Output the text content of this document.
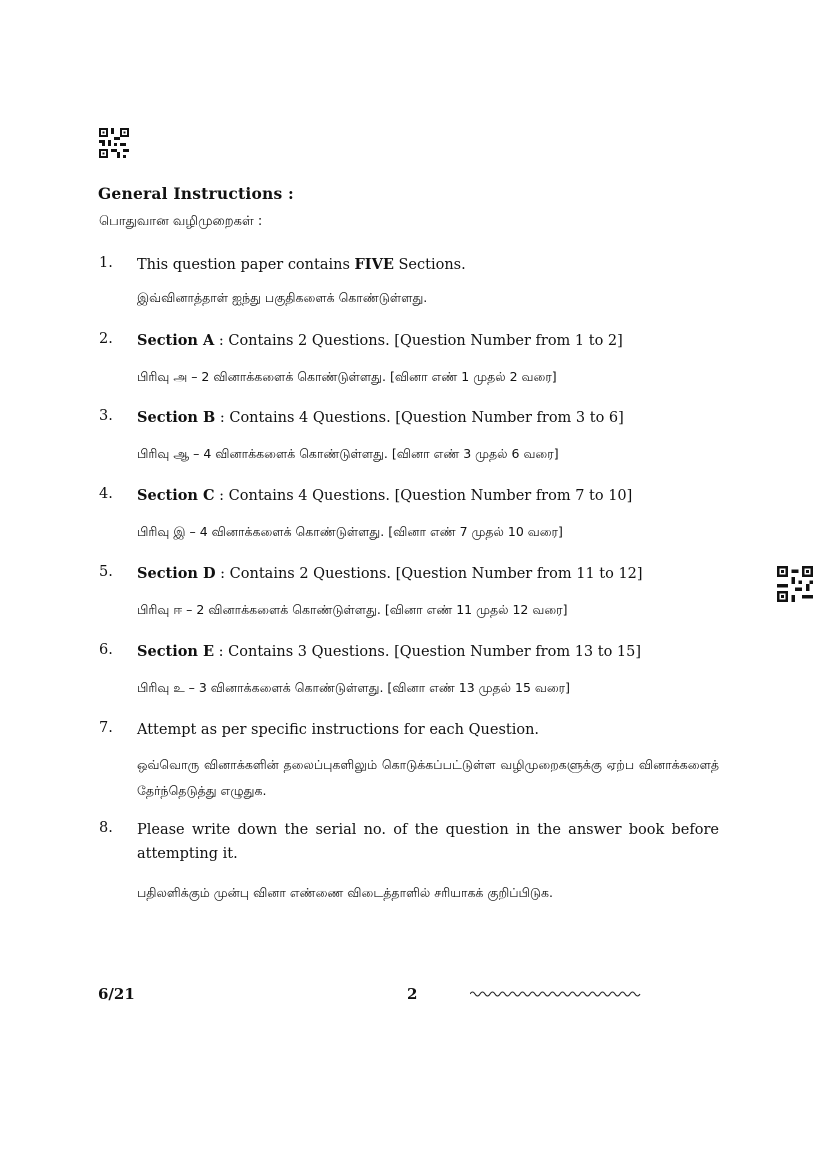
General Instructions :
பொதுவான வழிமுறைகள் :
1. This question paper contains FIVE Sections.
இவ்வினாத்தாள் ஐந்து பகுதிகளைக் கொண்டுள்ளது.
2. Section A : Contains 2 Questions. [Question Number from 1 to 2]
பிரிவு அ – 2 வினாக்களைக் கொண்டுள்ளது. [வினா எண் 1 முதல் 2 வரை]
3. Section B : Contains 4 Questions. [Question Number from 3 to 6]
பிரிவு ஆ – 4 வினாக்களைக் கொண்டுள்ளது. [வினா எண் 3 முதல் 6 வரை]
4. Section C : Contains 4 Questions. [Question Number from 7 to 10]
பிரிவு இ – 4 வினாக்களைக் கொண்டுள்ளது. [வினா எண் 7 முதல் 10 வரை]
5. Section D : Contains 2 Questions. [Question Number from 11 to 12]
பிரிவு ஈ – 2 வினாக்களைக் கொண்டுள்ளது. [வினா எண் 11 முதல் 12 வரை]
6. Section E : Contains 3 Questions. [Question Number from 13 to 15]
பிரிவு உ – 3 வினாக்களைக் கொண்டுள்ளது. [வினா எண் 13 முதல் 15 வரை]
7. Attempt as per specific instructions for each Question.
ஒவ்வொரு வினாக்களின் தலைப்புகளிலும் கொடுக்கப்பட்டுள்ள வழிமுறைகளுக்கு ஏற்ப வினாக்களைத் தேர்ந்தெடுத்து எழுதுக.
8. Please write down the serial no. of the question in the answer book before attempting it.
பதிலளிக்கும் முன்பு வினா எண்ணை விடைத்தாளில் சரியாகக் குறிப்பிடுக.
6/21	2
